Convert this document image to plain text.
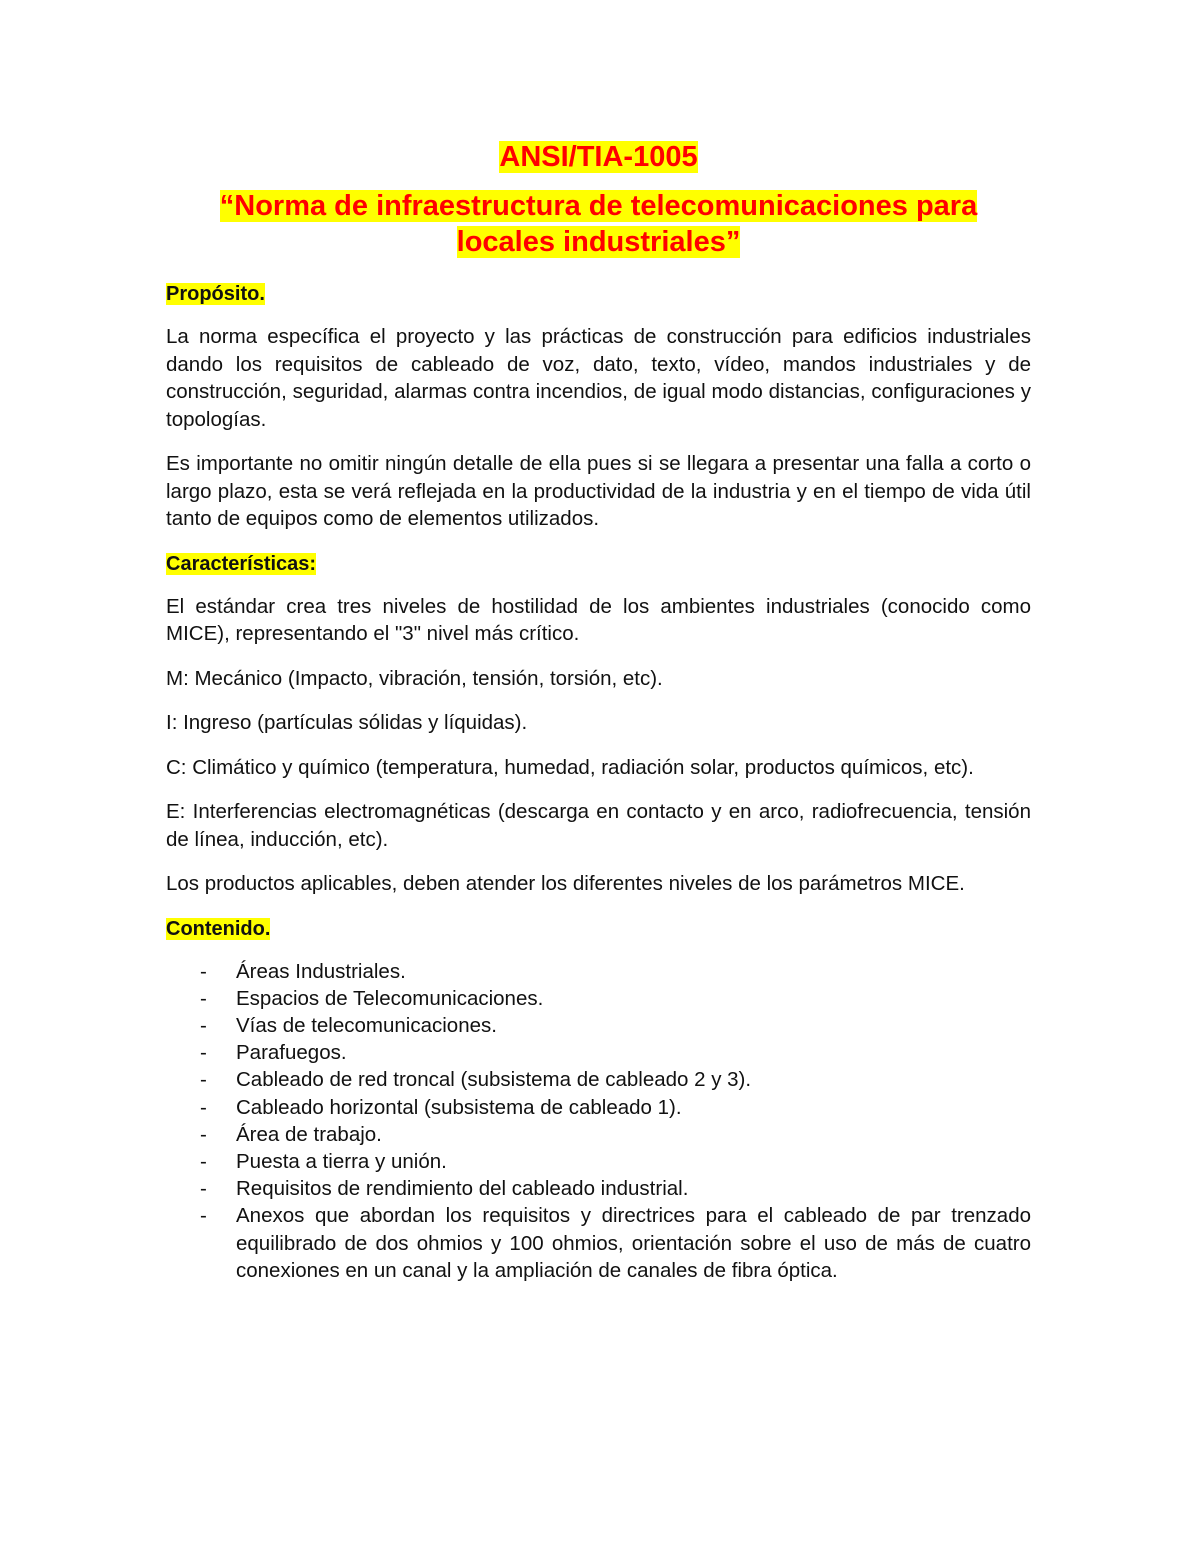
ANSI/TIA-1005
“Norma de infraestructura de telecomunicaciones para
locales industriales”
Propósito.

La norma específica el proyecto y las prácticas de construcción para edificios industriales dando los requisitos de cableado de voz, dato, texto, vídeo, mandos industriales y de construcción, seguridad, alarmas contra incendios, de igual modo distancias, configuraciones y topologías.

Es importante no omitir ningún detalle de ella pues si se llegara a presentar una falla a corto o largo plazo, esta se verá reflejada en la productividad de la industria y en el tiempo de vida útil tanto de equipos como de elementos utilizados.

Características:

El estándar crea tres niveles de hostilidad de los ambientes industriales (conocido como MICE), representando el "3" nivel más crítico.

M: Mecánico (Impacto, vibración, tensión, torsión, etc).

I: Ingreso (partículas sólidas y líquidas).

C: Climático y químico (temperatura, humedad, radiación solar, productos químicos, etc).

E: Interferencias electromagnéticas (descarga en contacto y en arco, radiofrecuencia, tensión de línea, inducción, etc).

Los productos aplicables, deben atender los diferentes niveles de los parámetros MICE.

Contenido.
- Áreas Industriales.
- Espacios de Telecomunicaciones.
- Vías de telecomunicaciones.
- Parafuegos.
- Cableado de red troncal (subsistema de cableado 2 y 3).
- Cableado horizontal (subsistema de cableado 1).
- Área de trabajo.
- Puesta a tierra y unión.
- Requisitos de rendimiento del cableado industrial.
- Anexos que abordan los requisitos y directrices para el cableado de par trenzado equilibrado de dos ohmios y 100 ohmios, orientación sobre el uso de más de cuatro conexiones en un canal y la ampliación de canales de fibra óptica.
